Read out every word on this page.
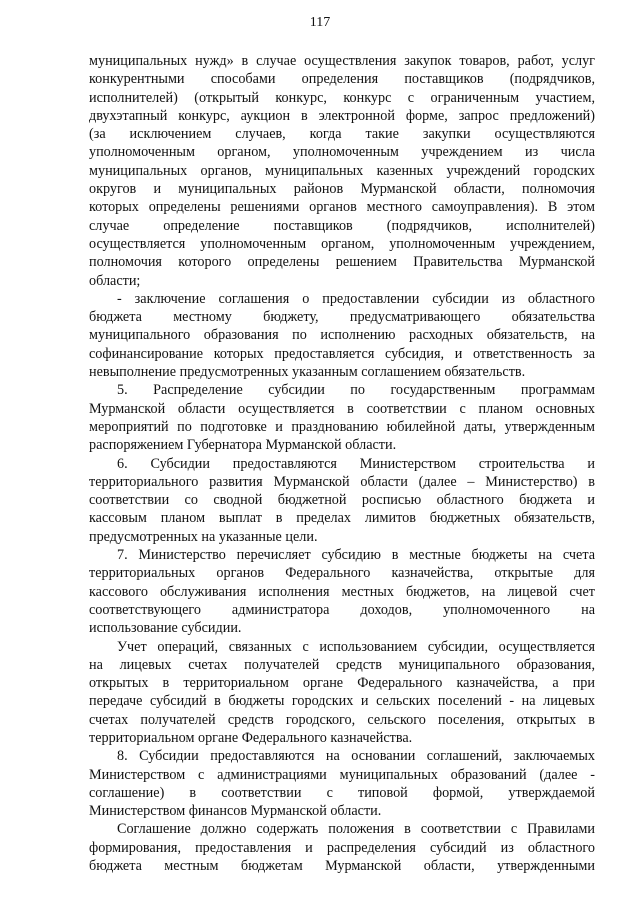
117
муниципальных нужд» в случае осуществления закупок товаров, работ, услуг
конкурентными способами определения поставщиков (подрядчиков,
исполнителей) (открытый конкурс, конкурс с ограниченным участием,
двухэтапный конкурс, аукцион в электронной форме, запрос предложений)
(за исключением случаев, когда такие закупки осуществляются
уполномоченным органом, уполномоченным учреждением из числа
муниципальных органов, муниципальных казенных учреждений городских
округов и муниципальных районов Мурманской области, полномочия
которых определены решениями органов местного самоуправления). В этом
случае определение поставщиков (подрядчиков, исполнителей)
осуществляется уполномоченным органом, уполномоченным учреждением,
полномочия которого определены решением Правительства Мурманской
области;
- заключение соглашения о предоставлении субсидии из областного
бюджета местному бюджету, предусматривающего обязательства
муниципального образования по исполнению расходных обязательств, на
софинансирование которых предоставляется субсидия, и ответственность за
невыполнение предусмотренных указанным соглашением обязательств.
5. Распределение субсидии по государственным программам
Мурманской области осуществляется в соответствии с планом основных
мероприятий по подготовке и празднованию юбилейной даты, утвержденным
распоряжением Губернатора Мурманской области.
6. Субсидии предоставляются Министерством строительства и
территориального развития Мурманской области (далее – Министерство) в
соответствии со сводной бюджетной росписью областного бюджета и
кассовым планом выплат в пределах лимитов бюджетных обязательств,
предусмотренных на указанные цели.
7. Министерство перечисляет субсидию в местные бюджеты на счета
территориальных органов Федерального казначейства, открытые для
кассового обслуживания исполнения местных бюджетов, на лицевой счет
соответствующего администратора доходов, уполномоченного на
использование субсидии.
Учет операций, связанных с использованием субсидии, осуществляется
на лицевых счетах получателей средств муниципального образования,
открытых в территориальном органе Федерального казначейства, а при
передаче субсидий в бюджеты городских и сельских поселений - на лицевых
счетах получателей средств городского, сельского поселения, открытых в
территориальном органе Федерального казначейства.
8. Субсидии предоставляются на основании соглашений, заключаемых
Министерством с администрациями муниципальных образований (далее -
соглашение) в соответствии с типовой формой, утверждаемой
Министерством финансов Мурманской области.
Соглашение должно содержать положения в соответствии с Правилами
формирования, предоставления и распределения субсидий из областного
бюджета местным бюджетам Мурманской области, утвержденными
